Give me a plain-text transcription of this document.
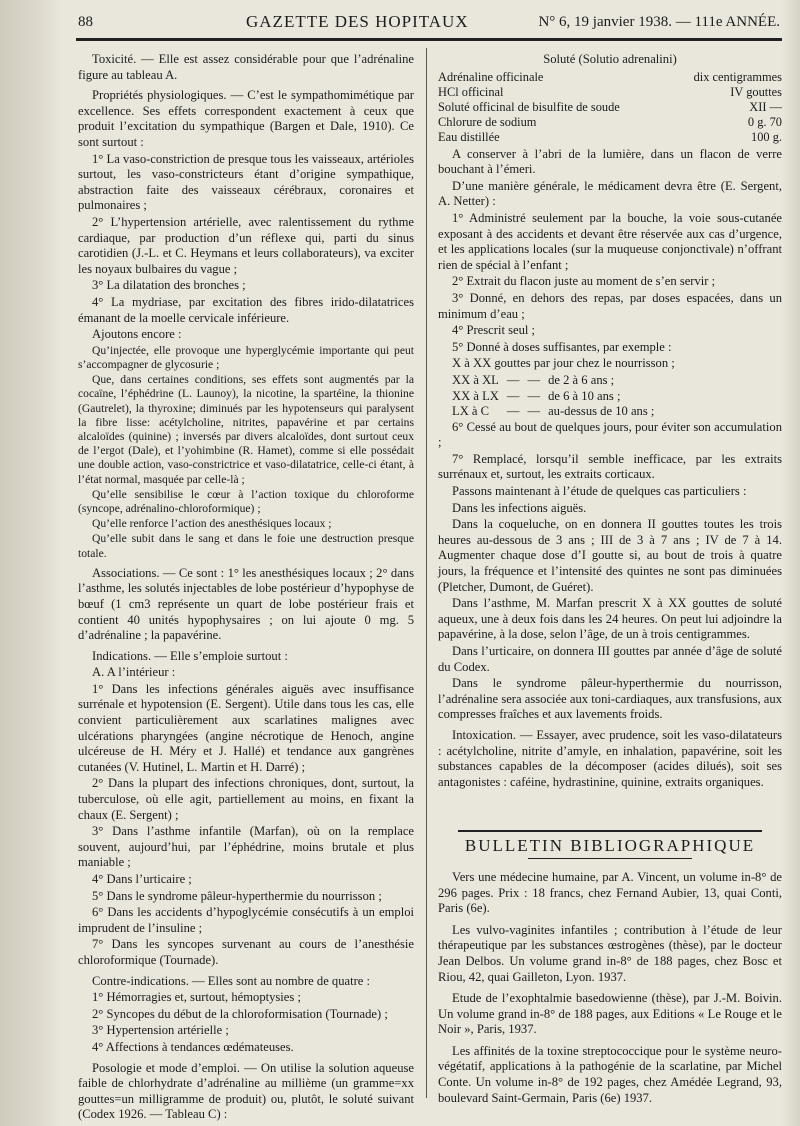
88	GAZETTE DES HOPITAUX	N° 6, 19 janvier 1938. — 111e ANNÉE.

Toxicité. — Elle est assez considérable pour que l’adrénaline figure au tableau A.

Propriétés physiologiques. — C’est le sympathomimétique par excellence. Ses effets correspondent exactement à ceux que produit l’excitation du sympathique (Bargen et Dale, 1910). Ce sont surtout :

1° La vaso-constriction de presque tous les vaisseaux, artérioles surtout, les vaso-constricteurs étant d’origine sympathique, abstraction faite des vaisseaux cérébraux, coronaires et pulmonaires ;

2° L’hypertension artérielle, avec ralentissement du rythme cardiaque, par production d’un réflexe qui, parti du sinus carotidien (J.-L. et C. Heymans et leurs collaborateurs), va exciter les noyaux bulbaires du vague ;

3° La dilatation des bronches ;

4° La mydriase, par excitation des fibres irido-dilatatrices émanant de la moelle cervicale inférieure.

Ajoutons encore :

Qu’injectée, elle provoque une hyperglycémie importante qui peut s’accompagner de glycosurie ;

Que, dans certaines conditions, ses effets sont augmentés par la cocaïne, l’éphédrine (L. Launoy), la nicotine, la spartéine, la thionine (Gautrelet), la thyroxine; diminués par les hypotenseurs qui paralysent la fibre lisse: acétylcholine, nitrites, papavérine et par certains alcaloïdes (quinine) ; inversés par divers alcaloïdes, dont surtout ceux de l’ergot (Dale), et l’yohimbine (R. Hamet), comme si elle possédait une double action, vaso-constrictrice et vaso-dilatatrice, celle-ci étant, à l’état normal, masquée par celle-là ;

Qu’elle sensibilise le cœur à l’action toxique du chloroforme (syncope, adrénalino-chloroformique) ;

Qu’elle renforce l’action des anesthésiques locaux ;

Qu’elle subit dans le sang et dans le foie une destruction presque totale.

Associations. — Ce sont : 1° les anesthésiques locaux ; 2° dans l’asthme, les solutés injectables de lobe postérieur d’hypophyse de bœuf (1 cm3 représente un quart de lobe postérieur frais et contient 40 unités hypophysaires ; on lui ajoute 0 mg. 5 d’adrénaline ; la papavérine.

Indications. — Elle s’emploie surtout :

A. A l’intérieur :

1° Dans les infections générales aiguës avec insuffisance surrénale et hypotension (E. Sergent). Utile dans tous les cas, elle convient particulièrement aux scarlatines malignes avec ulcérations pharyngées (angine nécrotique de Henoch, angine ulcéreuse de H. Méry et J. Hallé) et tendance aux gangrènes cutanées (V. Hutinel, L. Martin et H. Darré) ;

2° Dans la plupart des infections chroniques, dont, surtout, la tuberculose, où elle agit, partiellement au moins, en fixant la chaux (E. Sergent) ;

3° Dans l’asthme infantile (Marfan), où on la remplace souvent, aujourd’hui, par l’éphédrine, moins brutale et plus maniable ;

4° Dans l’urticaire ;

5° Dans le syndrome pâleur-hyperthermie du nourrisson ;

6° Dans les accidents d’hypoglycémie consécutifs à un emploi imprudent de l’insuline ;

7° Dans les syncopes survenant au cours de l’anesthésie chloroformique (Tournade).

Contre-indications. — Elles sont au nombre de quatre :

1° Hémorragies et, surtout, hémoptysies ;

2° Syncopes du début de la chloroformisation (Tournade) ;

3° Hypertension artérielle ;

4° Affections à tendances œdémateuses.

Posologie et mode d’emploi. — On utilise la solution aqueuse faible de chlorhydrate d’adrénaline au millième (un gramme=xx gouttes=un milligramme de produit) ou, plutôt, le soluté suivant (Codex 1926. — Tableau C) :

Soluté (Solutio adrenalini)

Adrénaline officinale	dix centigrammes
HCl officinal	IV gouttes
Soluté officinal de bisulfite de soude	XII —
Chlorure de sodium	0 g. 70
Eau distillée	100 g.

A conserver à l’abri de la lumière, dans un flacon de verre bouchant à l’émeri.

D’une manière générale, le médicament devra être (E. Sergent, A. Netter) :

1° Administré seulement par la bouche, la voie sous-cutanée exposant à des accidents et devant être réservée aux cas d’urgence, et les applications locales (sur la muqueuse conjonctivale) n’offrant rien de spécial à l’enfant ;

2° Extrait du flacon juste au moment de s’en servir ;

3° Donné, en dehors des repas, par doses espacées, dans un minimum d’eau ;

4° Prescrit seul ;

5° Donné à doses suffisantes, par exemple :

X à XX gouttes par jour chez le nourrisson ;

XX à XL	—	—	de 2 à 6 ans ;
XX à LX	—	—	de 6 à 10 ans ;
LX à C	—	—	au-dessus de 10 ans ;

6° Cessé au bout de quelques jours, pour éviter son accumulation ;

7° Remplacé, lorsqu’il semble inefficace, par les extraits surrénaux et, surtout, les extraits corticaux.

Passons maintenant à l’étude de quelques cas particuliers :

Dans les infections aiguës.

Dans la coqueluche, on en donnera II gouttes toutes les trois heures au-dessous de 3 ans ; III de 3 à 7 ans ; IV de 7 à 14. Augmenter chaque dose d’I goutte si, au bout de trois à quatre jours, la fréquence et l’intensité des quintes ne sont pas diminuées (Pletcher, Dumont, de Guéret).

Dans l’asthme, M. Marfan prescrit X à XX gouttes de soluté aqueux, une à deux fois dans les 24 heures. On peut lui adjoindre la papavérine, à la dose, selon l’âge, de un à trois centigrammes.

Dans l’urticaire, on donnera III gouttes par année d’âge de soluté du Codex.

Dans le syndrome pâleur-hyperthermie du nourrisson, l’adrénaline sera associée aux toni-cardiaques, aux transfusions, aux compresses fraîches et aux lavements froids.

Intoxication. — Essayer, avec prudence, soit les vaso-dilatateurs : acétylcholine, nitrite d’amyle, en inhalation, papavérine, soit les substances capables de la décomposer (acides dilués), soit ses antagonistes : caféine, hydrastinine, quinine, extraits organiques.

BULLETIN BIBLIOGRAPHIQUE

Vers une médecine humaine, par A. Vincent, un volume in-8° de 296 pages. Prix : 18 francs, chez Fernand Aubier, 13, quai Conti, Paris (6e).

Les vulvo-vaginites infantiles ; contribution à l’étude de leur thérapeutique par les substances œstrogènes (thèse), par le docteur Jean Delbos. Un volume grand in-8° de 188 pages, chez Bosc et Riou, 42, quai Gailleton, Lyon. 1937.

Etude de l’exophtalmie basedowienne (thèse), par J.-M. Boivin. Un volume grand in-8° de 188 pages, aux Editions « Le Rouge et le Noir », Paris, 1937.

Les affinités de la toxine streptococcique pour le système neuro-végétatif, applications à la pathogénie de la scarlatine, par Michel Conte. Un volume in-8° de 192 pages, chez Amédée Legrand, 93, boulevard Saint-Germain, Paris (6e) 1937.
